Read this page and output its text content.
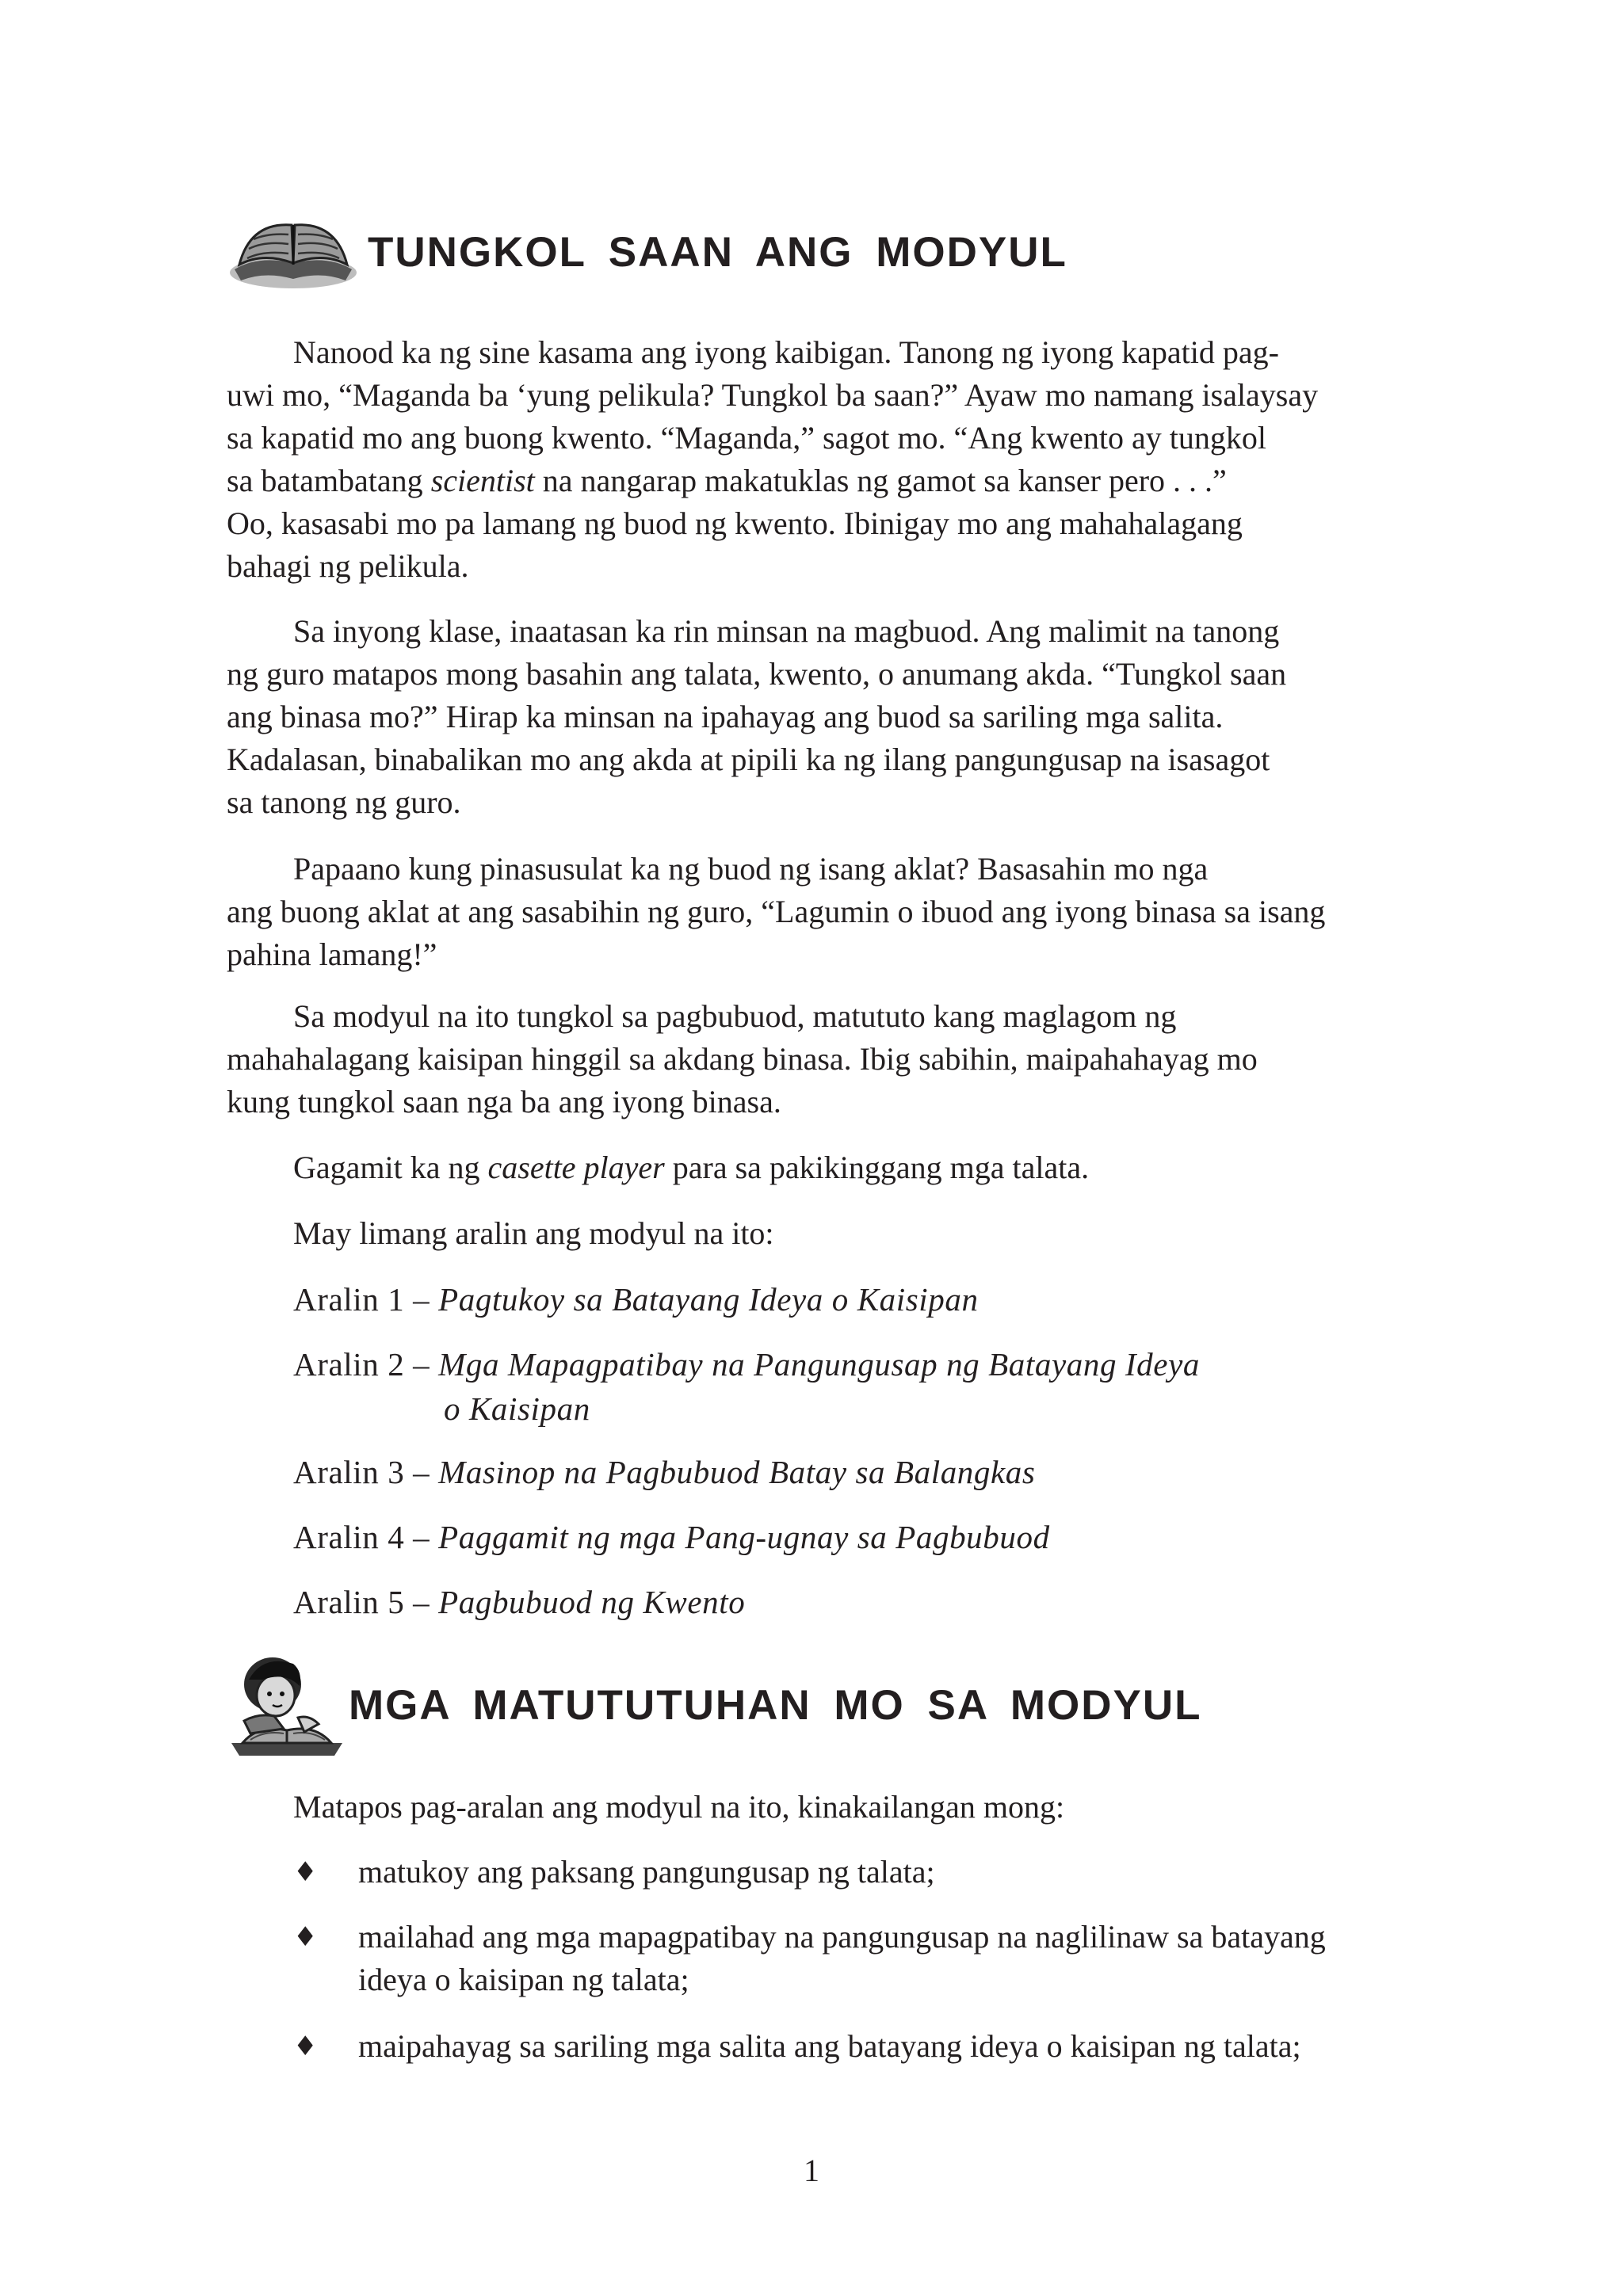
TUNGKOL SAAN ANG MODYUL

Nanood ka ng sine kasama ang iyong kaibigan. Tanong ng iyong kapatid pag-
uwi mo, “Maganda ba ‘yung pelikula? Tungkol ba saan?” Ayaw mo namang isalaysay
sa kapatid mo ang buong kwento. “Maganda,” sagot mo. “Ang kwento ay tungkol
sa batambatang scientist na nangarap makatuklas ng gamot sa kanser pero . . .”
Oo, kasasabi mo pa lamang ng buod ng kwento. Ibinigay mo ang mahahalagang
bahagi ng pelikula.

Sa inyong klase, inaatasan ka rin minsan na magbuod. Ang malimit na tanong
ng guro matapos mong basahin ang talata, kwento, o anumang akda. “Tungkol saan
ang binasa mo?” Hirap ka minsan na ipahayag ang buod sa sariling mga salita.
Kadalasan, binabalikan mo ang akda at pipili ka ng ilang pangungusap na isasagot
sa tanong ng guro.

Papaano kung pinasusulat ka ng buod ng isang aklat? Basasahin mo nga
ang buong aklat at ang sasabihin ng guro, “Lagumin o ibuod ang iyong binasa sa isang
pahina lamang!”

Sa modyul na ito tungkol sa pagbubuod, matututo kang maglagom ng
mahahalagang kaisipan hinggil sa akdang binasa. Ibig sabihin, maipahahayag mo
kung tungkol saan nga ba ang iyong binasa.

Gagamit ka ng casette player para sa pakikinggang mga talata.

May limang aralin ang modyul na ito:

Aralin 1 – Pagtukoy sa Batayang Ideya o Kaisipan
Aralin 2 – Mga Mapagpatibay na Pangungusap ng Batayang Ideya
o Kaisipan
Aralin 3 – Masinop na Pagbubuod Batay sa Balangkas
Aralin 4 – Paggamit ng mga Pang-ugnay sa Pagbubuod
Aralin 5 – Pagbubuod ng Kwento
MGA MATUTUTUHAN MO SA MODYUL

Matapos pag-aralan ang modyul na ito, kinakailangan mong:

♦	matukoy ang paksang pangungusap ng talata;
♦	mailahad ang mga mapagpatibay na pangungusap na naglilinaw sa batayang
ideya o kaisipan ng talata;
♦	maipahayag sa sariling mga salita ang batayang ideya o kaisipan ng talata;
1
